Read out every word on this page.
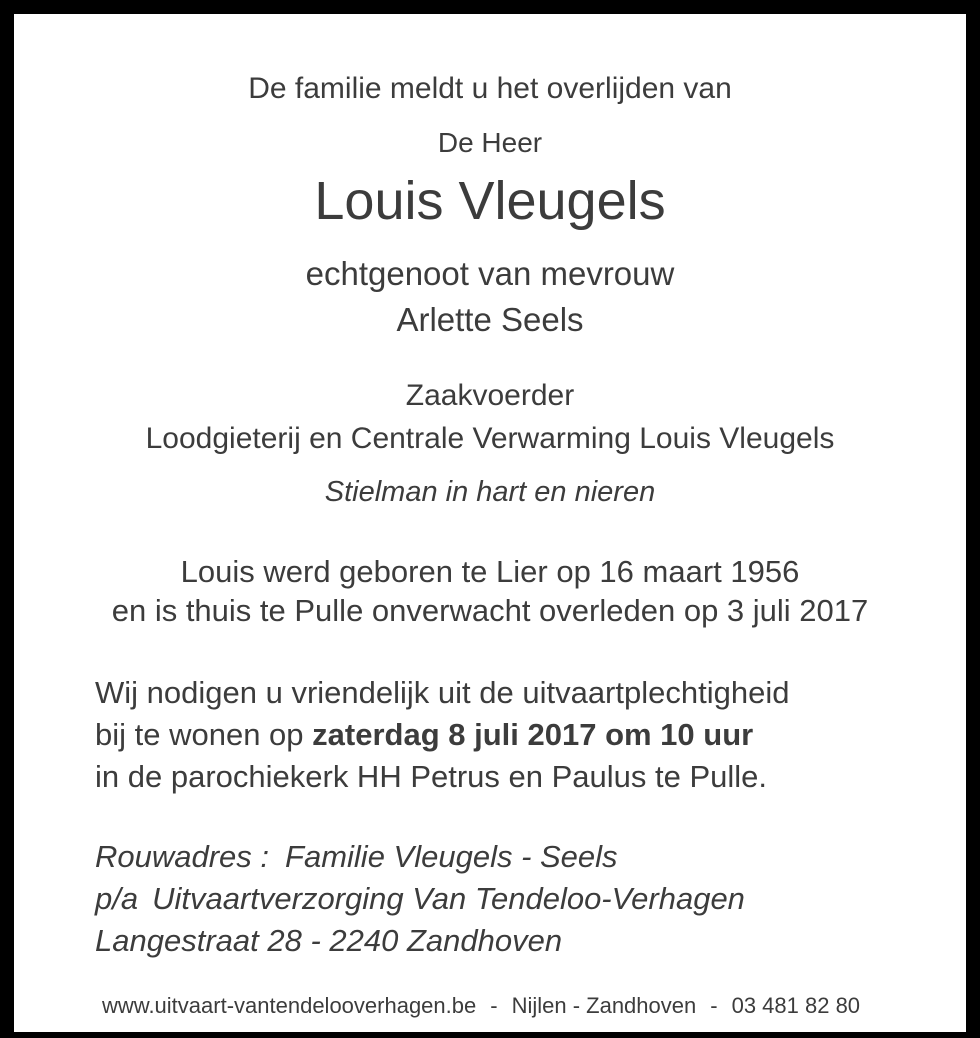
De familie meldt u het overlijden van
De Heer
Louis Vleugels
echtgenoot van mevrouw
Arlette Seels
Zaakvoerder
Loodgieterij en Centrale Verwarming Louis Vleugels
Stielman in hart en nieren
Louis werd geboren te Lier op 16 maart 1956
en is thuis te Pulle onverwacht overleden op 3 juli 2017
Wij nodigen u vriendelijk uit de uitvaartplechtigheid
bij te wonen op zaterdag 8 juli 2017 om 10 uur
in de parochiekerk HH Petrus en Paulus te Pulle.
Rouwadres : Familie Vleugels - Seels
p/a Uitvaartverzorging Van Tendeloo-Verhagen
Langestraat 28 - 2240 Zandhoven
www.uitvaart-vantendelooverhagen.be - Nijlen - Zandhoven - 03 481 82 80
